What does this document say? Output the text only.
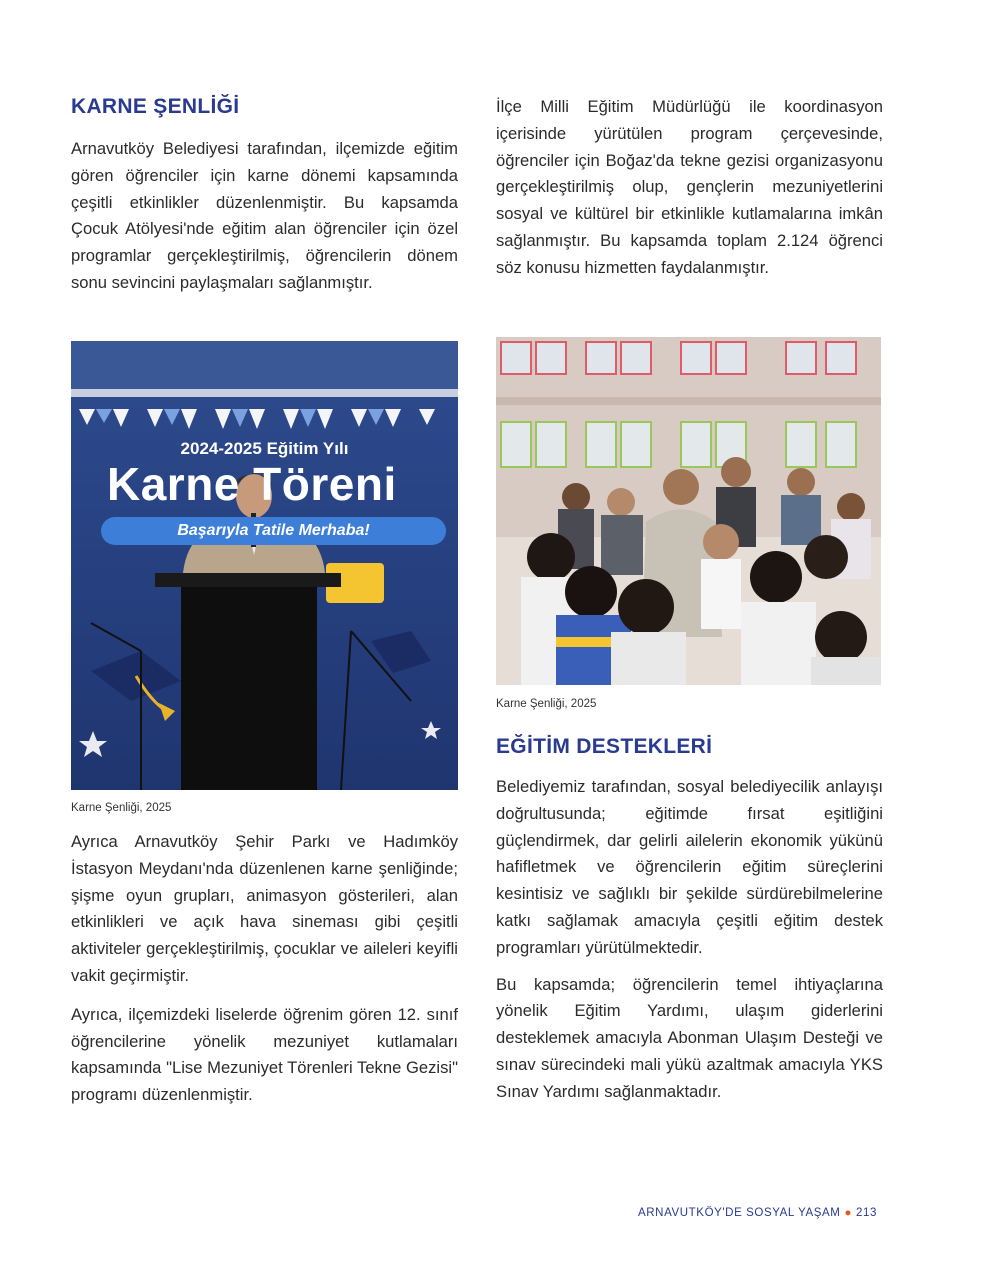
KARNE ŞENLİĞİ

Arnavutköy Belediyesi tarafından, ilçemizde eğitim gören öğrenciler için karne dönemi kapsamında çeşitli etkinlikler düzenlenmiştir. Bu kapsamda Çocuk Atölyesi'nde eğitim alan öğrenciler için özel programlar gerçekleştirilmiş, öğrencilerin dönem sonu sevincini paylaşmaları sağlanmıştır.

2024-2025 Eğitim Yılı
Karne Töreni
Başarıyla Tatile Merhaba!
Karne Şenliği, 2025

Ayrıca Arnavutköy Şehir Parkı ve Hadımköy İstasyon Meydanı'nda düzenlenen karne şenliğinde; şişme oyun grupları, animasyon gösterileri, alan etkinlikleri ve açık hava sineması gibi çeşitli aktiviteler gerçekleştirilmiş, çocuklar ve aileleri keyifli vakit geçirmiştir.

Ayrıca, ilçemizdeki liselerde öğrenim gören 12. sınıf öğrencilerine yönelik mezuniyet kutlamaları kapsamında "Lise Mezuniyet Törenleri Tekne Gezisi" programı düzenlenmiştir.

İlçe Milli Eğitim Müdürlüğü ile koordinasyon içerisinde yürütülen program çerçevesinde, öğrenciler için Boğaz'da tekne gezisi organizasyonu gerçekleştirilmiş olup, gençlerin mezuniyetlerini sosyal ve kültürel bir etkinlikle kutlamalarına imkân sağlanmıştır. Bu kapsamda toplam 2.124 öğrenci söz konusu hizmetten faydalanmıştır.

Karne Şenliği, 2025
EĞİTİM DESTEKLERİ

Belediyemiz tarafından, sosyal belediyecilik anlayışı doğrultusunda; eğitimde fırsat eşitliğini güçlendirmek, dar gelirli ailelerin ekonomik yükünü hafifletmek ve öğrencilerin eğitim süreçlerini kesintisiz ve sağlıklı bir şekilde sürdürebilmelerine katkı sağlamak amacıyla çeşitli eğitim destek programları yürütülmektedir.

Bu kapsamda; öğrencilerin temel ihtiyaçlarına yönelik Eğitim Yardımı, ulaşım giderlerini desteklemek amacıyla Abonman Ulaşım Desteği ve sınav sürecindeki mali yükü azaltmak amacıyla YKS Sınav Yardımı sağlanmaktadır.

ARNAVUTKÖY'DE SOSYAL YAŞAM ● 213
